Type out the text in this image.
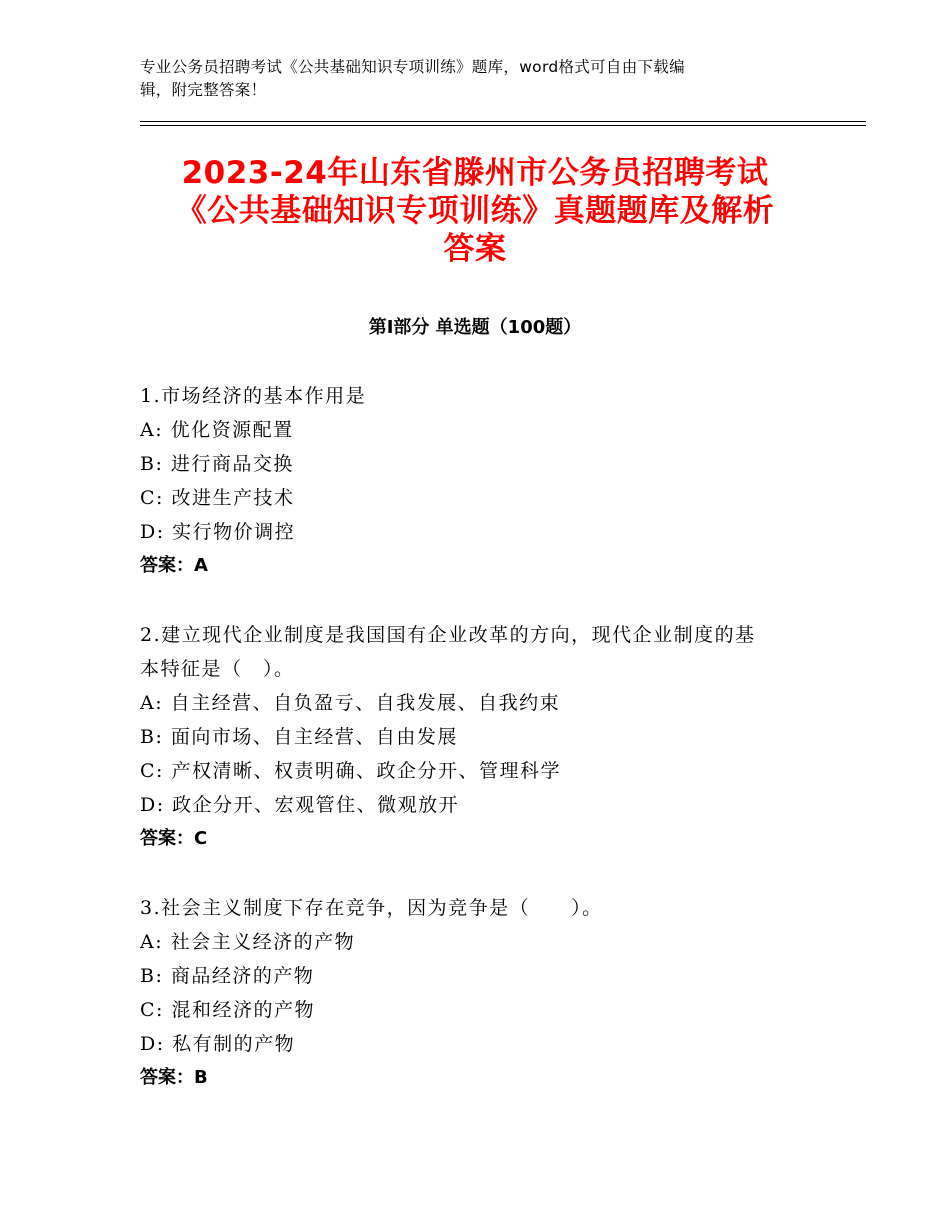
专业公务员招聘考试《公共基础知识专项训练》题库，word格式可自由下载编
辑，附完整答案！
2023-24年山东省滕州市公务员招聘考试
《公共基础知识专项训练》真题题库及解析
答案
第Ⅰ部分 单选题（100题）
1.市场经济的基本作用是
A: 优化资源配置
B: 进行商品交换
C: 改进生产技术
D: 实行物价调控
答案：A
2.建立现代企业制度是我国国有企业改革的方向，现代企业制度的基
本特征是（　）。
A: 自主经营、自负盈亏、自我发展、自我约束
B: 面向市场、自主经营、自由发展
C: 产权清晰、权责明确、政企分开、管理科学
D: 政企分开、宏观管住、微观放开
答案：C
3.社会主义制度下存在竞争，因为竞争是（　　）。
A: 社会主义经济的产物
B: 商品经济的产物
C: 混和经济的产物
D: 私有制的产物
答案：B
